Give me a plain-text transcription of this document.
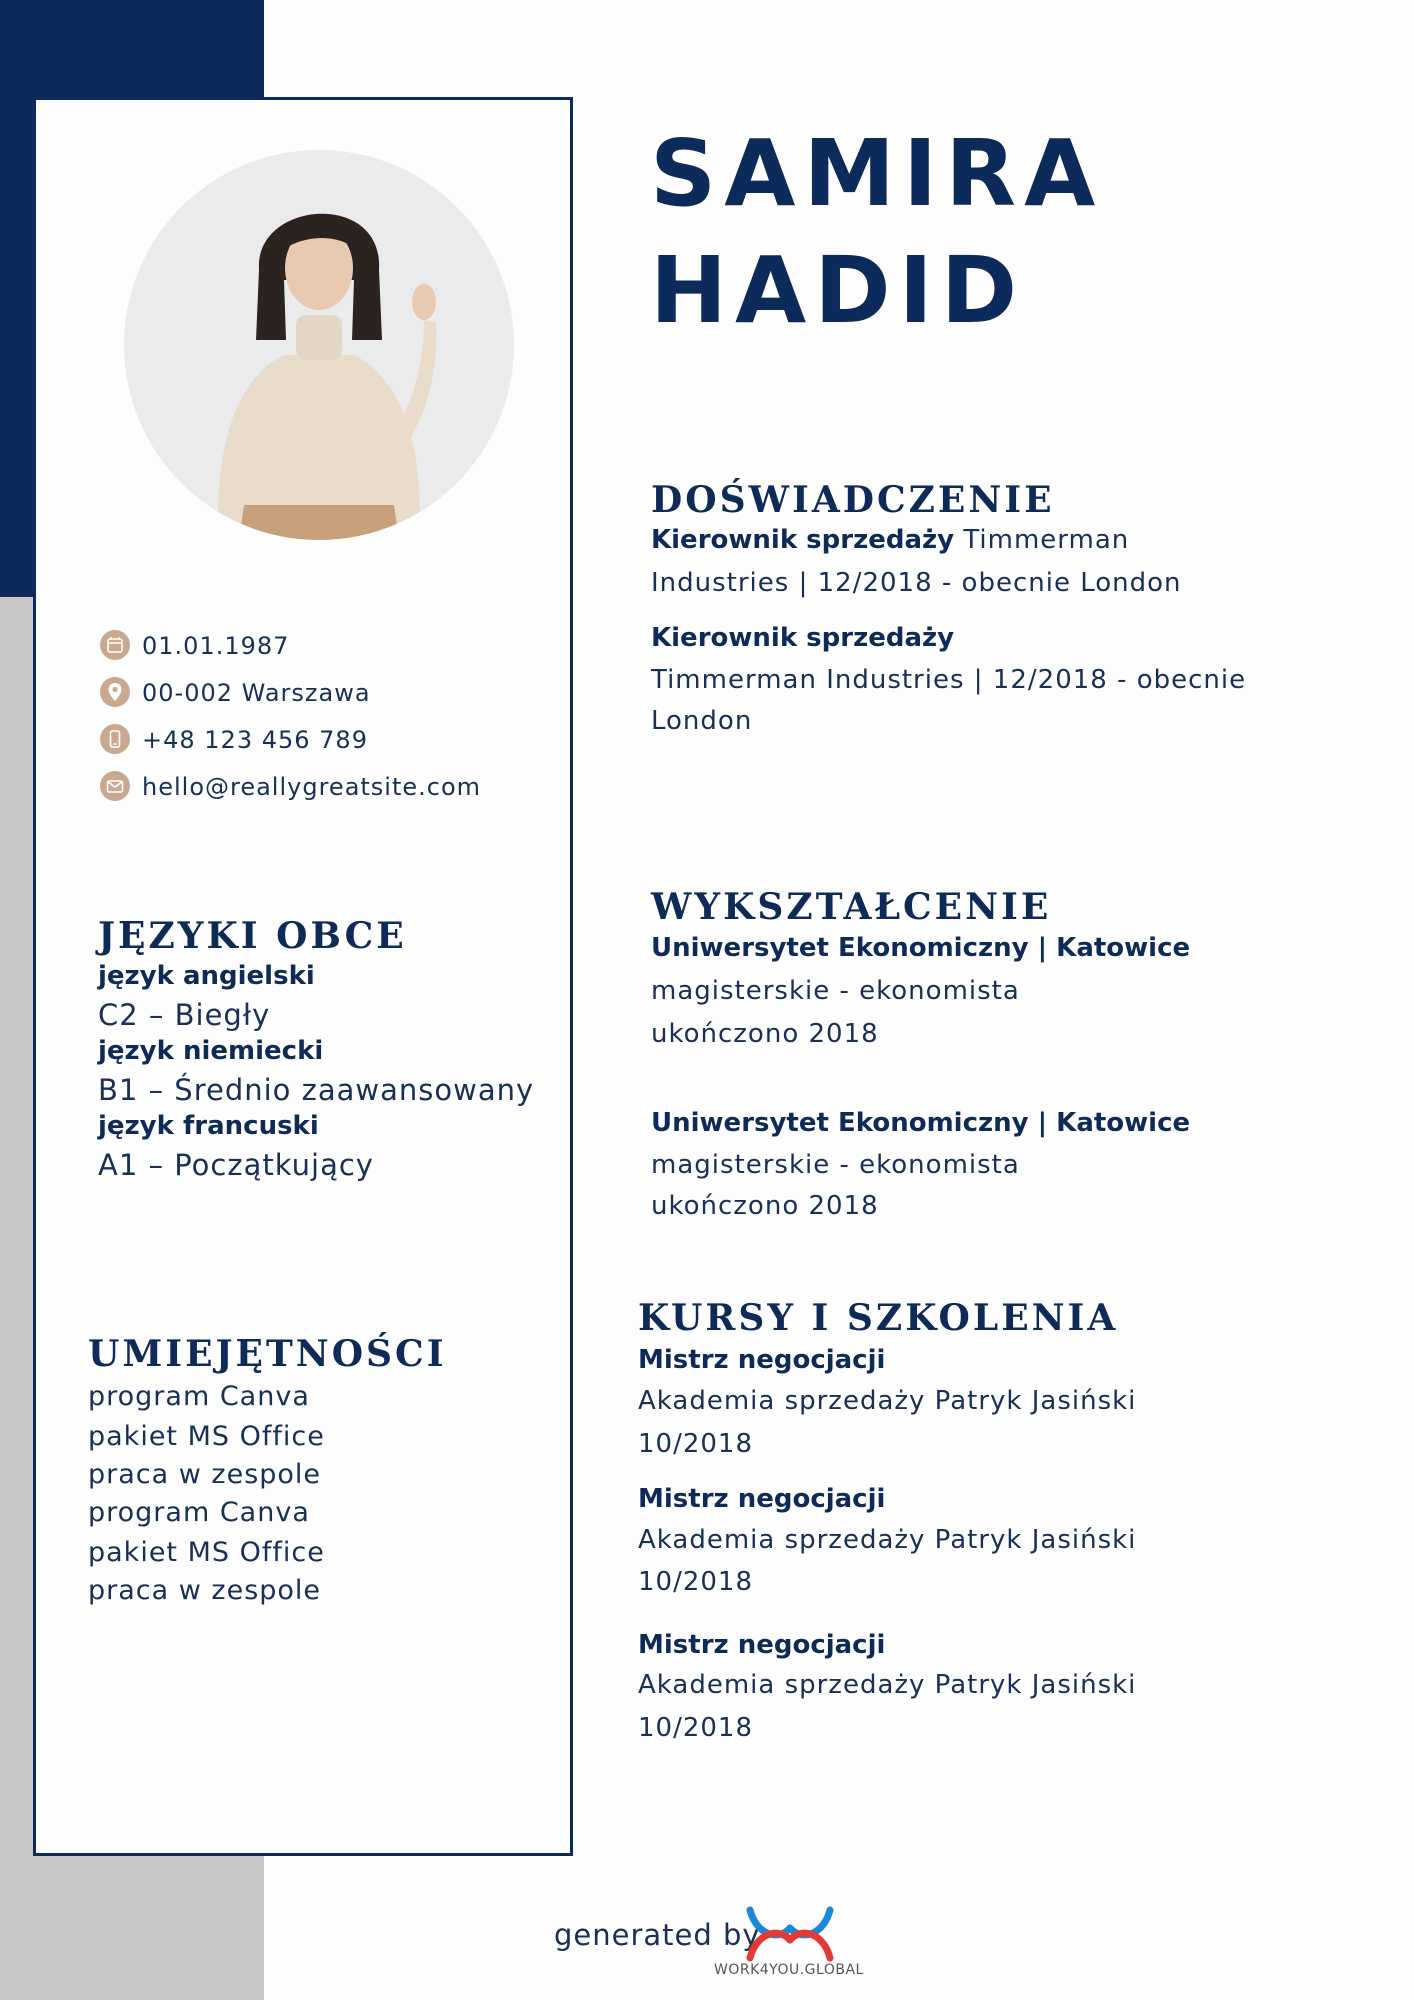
SAMIRA
HADID
01.01.1987
00-002 Warszawa
+48 123 456 789
hello@reallygreatsite.com
JĘZYKI OBCE
język angielski
C2 – Biegły
język niemiecki
B1 – Średnio zaawansowany
język francuski
A1 – Początkujący
UMIEJĘTNOŚCI
program Canva
pakiet MS Office
praca w zespole
program Canva
pakiet MS Office
praca w zespole
DOŚWIADCZENIE
Kierownik sprzedaży Timmerman
Industries | 12/2018 - obecnie London
Kierownik sprzedaży
Timmerman Industries | 12/2018 - obecnie
London
WYKSZTAŁCENIE
Uniwersytet Ekonomiczny | Katowice
magisterskie - ekonomista
ukończono 2018
Uniwersytet Ekonomiczny | Katowice
magisterskie - ekonomista
ukończono 2018
KURSY I SZKOLENIA
Mistrz negocjacji
Akademia sprzedaży Patryk Jasiński
10/2018
Mistrz negocjacji
Akademia sprzedaży Patryk Jasiński
10/2018
Mistrz negocjacji
Akademia sprzedaży Patryk Jasiński
10/2018
generated by
WORK4YOU.GLOBAL
